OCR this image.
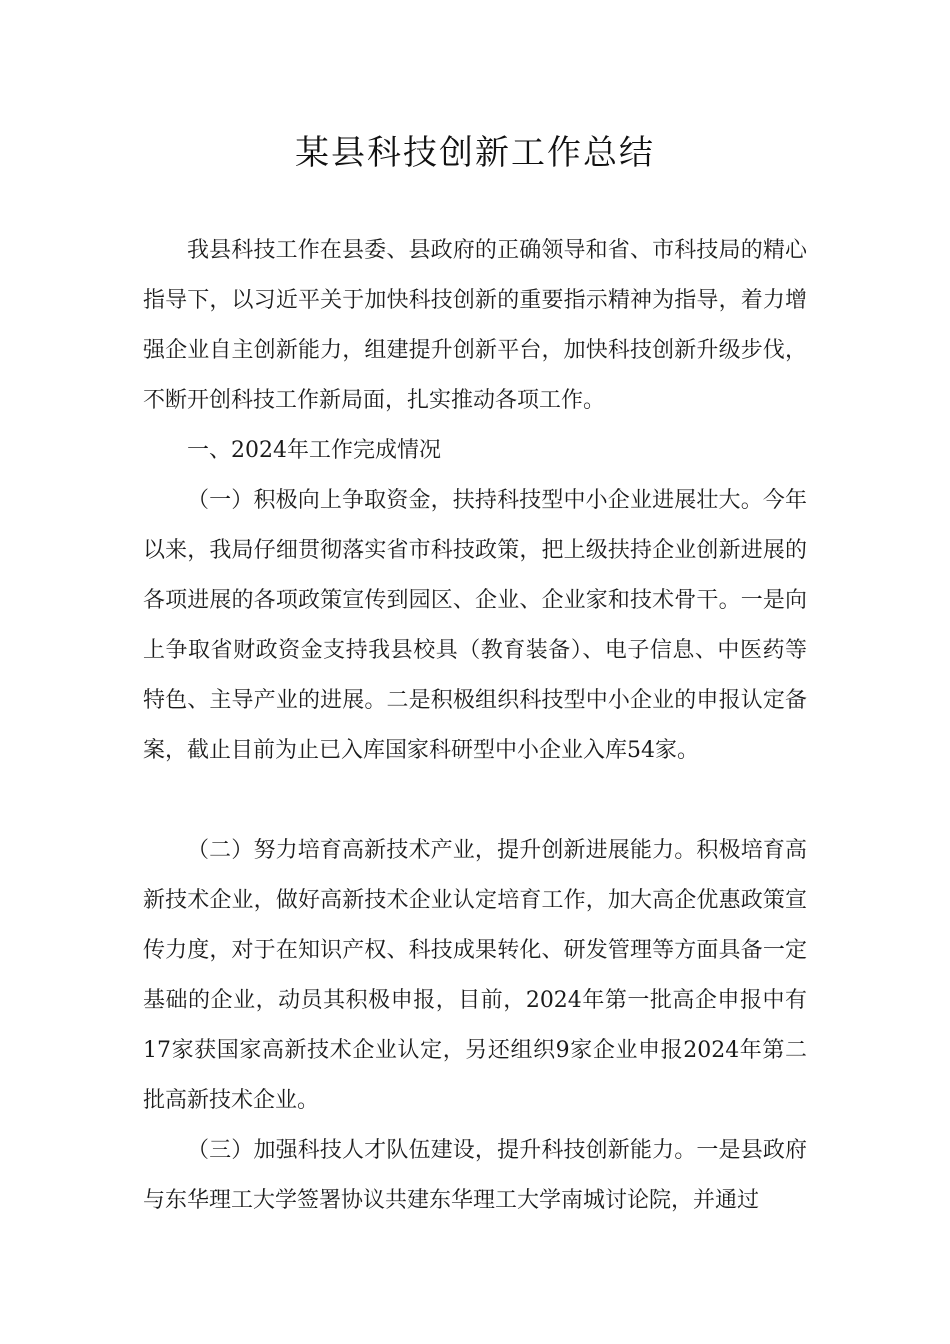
某县科技创新工作总结

我县科技工作在县委、县政府的正确领导和省、市科技局的精心指导下，以习近平关于加快科技创新的重要指示精神为指导，着力增强企业自主创新能力，组建提升创新平台，加快科技创新升级步伐，不断开创科技工作新局面，扎实推动各项工作。

一、2024年工作完成情况

（一）积极向上争取资金，扶持科技型中小企业进展壮大。今年以来，我局仔细贯彻落实省市科技政策，把上级扶持企业创新进展的各项进展的各项政策宣传到园区、企业、企业家和技术骨干。一是向上争取省财政资金支持我县校具（教育装备）、电子信息、中医药等特色、主导产业的进展。二是积极组织科技型中小企业的申报认定备案，截止目前为止已入库国家科研型中小企业入库54家。

（二）努力培育高新技术产业，提升创新进展能力。积极培育高新技术企业，做好高新技术企业认定培育工作，加大高企优惠政策宣传力度，对于在知识产权、科技成果转化、研发管理等方面具备一定基础的企业，动员其积极申报，目前，2024年第一批高企申报中有17家获国家高新技术企业认定，另还组织9家企业申报2024年第二批高新技术企业。

（三）加强科技人才队伍建设，提升科技创新能力。一是县政府与东华理工大学签署协议共建东华理工大学南城讨论院，并通过
